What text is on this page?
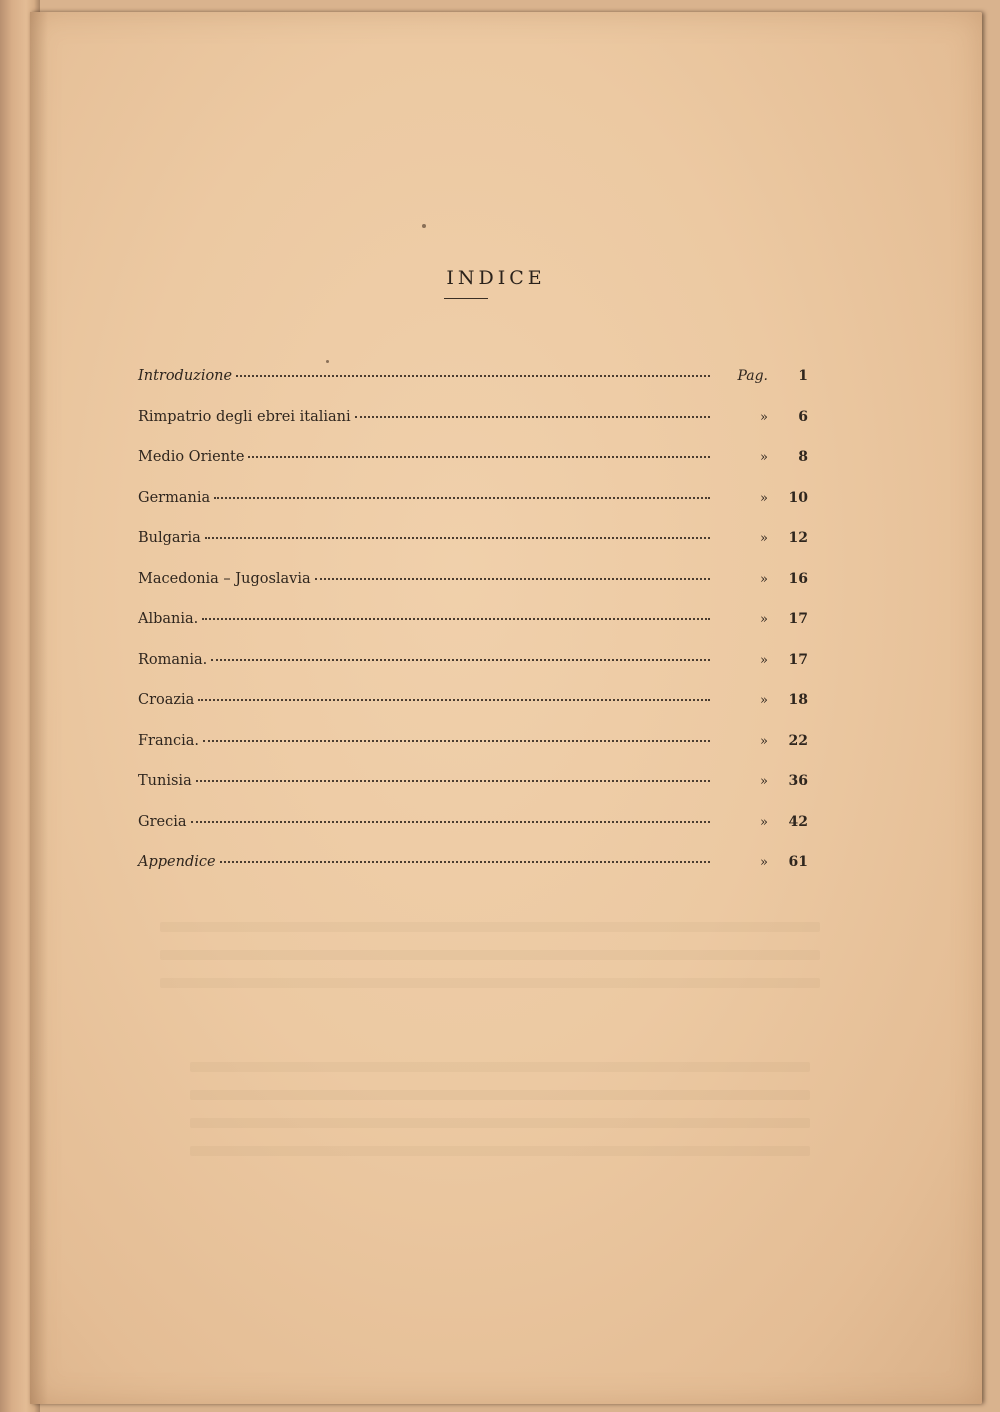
INDICE
Introduzione	Pag.	1
Rimpatrio degli ebrei italiani	»	6
Medio Oriente	»	8
Germania	»	10
Bulgaria	»	12
Macedonia – Jugoslavia	»	16
Albania.	»	17
Romania.	»	17
Croazia	»	18
Francia.	»	22
Tunisia	»	36
Grecia	»	42
Appendice	»	61
